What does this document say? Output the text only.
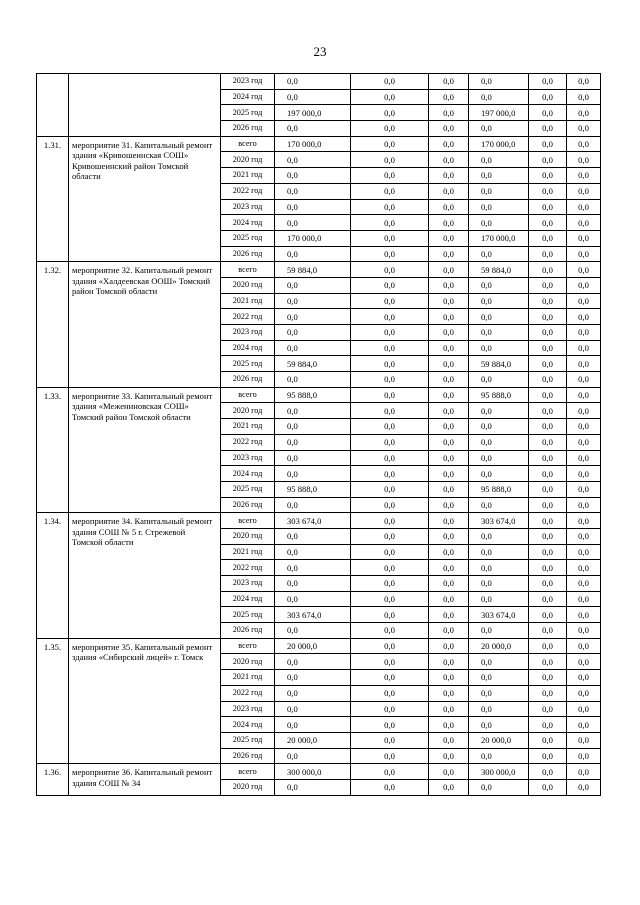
23
		2023 год	0,0	0,0	0,0	0,0	0,0	0,0
		2024 год	0,0	0,0	0,0	0,0	0,0	0,0
		2025 год	197 000,0	0,0	0,0	197 000,0	0,0	0,0
		2026 год	0,0	0,0	0,0	0,0	0,0	0,0
1.31.	мероприятие 31. Капитальный ремонт здания «Кривошеинская СОШ» Кривошеинский район Томской области	всего	170 000,0	0,0	0,0	170 000,0	0,0	0,0
		2020 год	0,0	0,0	0,0	0,0	0,0	0,0
		2021 год	0,0	0,0	0,0	0,0	0,0	0,0
		2022 год	0,0	0,0	0,0	0,0	0,0	0,0
		2023 год	0,0	0,0	0,0	0,0	0,0	0,0
		2024 год	0,0	0,0	0,0	0,0	0,0	0,0
		2025 год	170 000,0	0,0	0,0	170 000,0	0,0	0,0
		2026 год	0,0	0,0	0,0	0,0	0,0	0,0
1.32.	мероприятие 32. Капитальный ремонт здания «Халдеевская ООШ» Томский район Томской области	всего	59 884,0	0,0	0,0	59 884,0	0,0	0,0
		2020 год	0,0	0,0	0,0	0,0	0,0	0,0
		2021 год	0,0	0,0	0,0	0,0	0,0	0,0
		2022 год	0,0	0,0	0,0	0,0	0,0	0,0
		2023 год	0,0	0,0	0,0	0,0	0,0	0,0
		2024 год	0,0	0,0	0,0	0,0	0,0	0,0
		2025 год	59 884,0	0,0	0,0	59 884,0	0,0	0,0
		2026 год	0,0	0,0	0,0	0,0	0,0	0,0
1.33.	мероприятие 33. Капитальный ремонт здания «Межениновская СОШ» Томский район Томской области	всего	95 888,0	0,0	0,0	95 888,0	0,0	0,0
		2020 год	0,0	0,0	0,0	0,0	0,0	0,0
		2021 год	0,0	0,0	0,0	0,0	0,0	0,0
		2022 год	0,0	0,0	0,0	0,0	0,0	0,0
		2023 год	0,0	0,0	0,0	0,0	0,0	0,0
		2024 год	0,0	0,0	0,0	0,0	0,0	0,0
		2025 год	95 888,0	0,0	0,0	95 888,0	0,0	0,0
		2026 год	0,0	0,0	0,0	0,0	0,0	0,0
1.34.	мероприятие 34. Капитальный ремонт здания СОШ № 5 г. Стрежевой Томской области	всего	303 674,0	0,0	0,0	303 674,0	0,0	0,0
		2020 год	0,0	0,0	0,0	0,0	0,0	0,0
		2021 год	0,0	0,0	0,0	0,0	0,0	0,0
		2022 год	0,0	0,0	0,0	0,0	0,0	0,0
		2023 год	0,0	0,0	0,0	0,0	0,0	0,0
		2024 год	0,0	0,0	0,0	0,0	0,0	0,0
		2025 год	303 674,0	0,0	0,0	303 674,0	0,0	0,0
		2026 год	0,0	0,0	0,0	0,0	0,0	0,0
1.35.	мероприятие 35. Капитальный ремонт здания «Сибирский лицей» г. Томск	всего	20 000,0	0,0	0,0	20 000,0	0,0	0,0
		2020 год	0,0	0,0	0,0	0,0	0,0	0,0
		2021 год	0,0	0,0	0,0	0,0	0,0	0,0
		2022 год	0,0	0,0	0,0	0,0	0,0	0,0
		2023 год	0,0	0,0	0,0	0,0	0,0	0,0
		2024 год	0,0	0,0	0,0	0,0	0,0	0,0
		2025 год	20 000,0	0,0	0,0	20 000,0	0,0	0,0
		2026 год	0,0	0,0	0,0	0,0	0,0	0,0
1.36.	мероприятие 36. Капитальный ремонт здания СОШ № 34	всего	300 000,0	0,0	0,0	300 000,0	0,0	0,0
		2020 год	0,0	0,0	0,0	0,0	0,0	0,0
